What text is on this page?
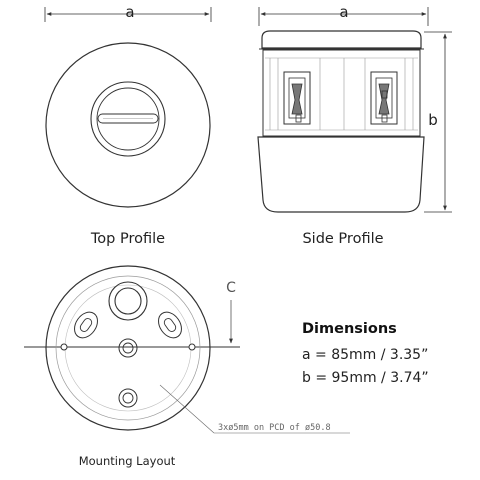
a
Top Profile
a
b
Side Profile
C
3xø5mm on PCD of ø50.8
Mounting Layout
Dimensions
a = 85mm / 3.35”
b = 95mm / 3.74”
